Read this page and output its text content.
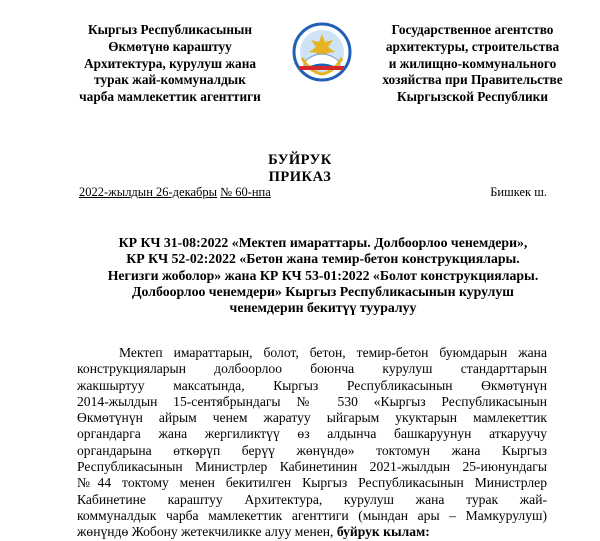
Кыргыз Республикасынын
Өкмөтүнө караштуу
Архитектура, курулуш жана
турак жай-коммуналдык
чарба мамлекеттик агенттиги
Государственное агентство
архитектуры, строительства
и жилищно-коммунального
хозяйства при Правительстве
Кыргызской Республики
БУЙРУК
ПРИКАЗ
2022-жылдын 26-декабры № 60-нпа	Бишкек ш.
КР КЧ 31-08:2022 «Мектеп имараттары. Долбоорлоо ченемдери»,
КР КЧ 52-02:2022 «Бетон жана темир-бетон конструкциялары.
Негизги жоболор» жана КР КЧ 53-01:2022 «Болот конструкциялары.
Долбоорлоо ченемдери» Кыргыз Республикасынын курулуш
ченемдерин бекитүү тууралуу
Мектеп имараттарын, болот, бетон, темир-бетон буюмдарын жана
конструкцияларын долбоорлоо боюнча курулуш стандарттарын
жакшыртуу максатында, Кыргыз Республикасынын Өкмөтүнүн
2014-жылдын 15-сентябрындагы № 530 «Кыргыз Республикасынын
Өкмөтүнүн айрым ченем жаратуу ыйгарым укуктарын мамлекеттик
органдарга жана жергиликтүү өз алдынча башкаруунун аткаруучу
органдарына өткөрүп берүү жөнүндө» токтомун жана Кыргыз
Республикасынын Министрлер Кабинетинин 2021-жылдын 25-июнундагы
№44 токтому менен бекитилген Кыргыз Республикасынын Министрлер
Кабинетине караштуу Архитектура, курулуш жана турак жай-
коммуналдык чарба мамлекеттик агенттиги (мындан ары – Мамкурулуш)
жөнүндө Жобону жетекчиликке алуу менен, буйрук кылам:
